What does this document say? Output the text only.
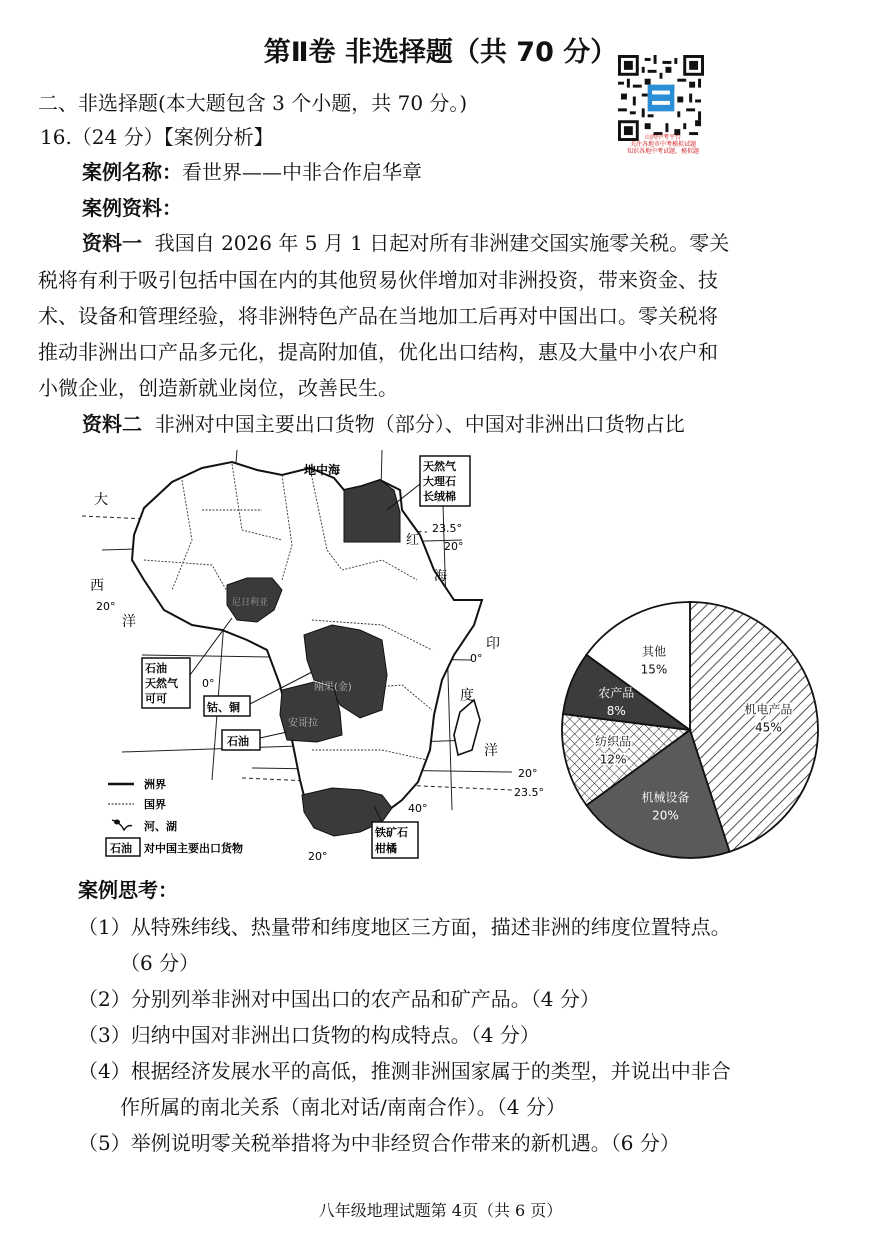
第Ⅱ卷 非选择题（共 70 分）
山西中考平台
关注各地市中考模拟试题
知识各地中考试题、模拟题
二、非选择题(本大题包含 3 个小题，共 70 分。)
16.（24 分）【案例分析】
案例名称：看世界——中非合作启华章
案例资料：
资料一 我国自 2026 年 5 月 1 日起对所有非洲建交国实施零关税。零关
税将有利于吸引包括中国在内的其他贸易伙伴增加对非洲投资，带来资金、技
术、设备和管理经验，将非洲特色产品在当地加工后再对中国出口。零关税将
推动非洲出口产品多元化，提高附加值，优化出口结构，惠及大量中小农户和
小微企业，创造新就业岗位，改善民生。
资料二 非洲对中国主要出口货物（部分）、中国对非洲出口货物占比
地中海
大
西
洋
红
海
印
度
洋
尼日利亚
刚果(金)
安哥拉
23.5°
20°
20°
0°
0°
20°
23.5°
40°
20°
0°
天然气
大理石
长绒棉
石油
天然气
可可
钴、铜
石油
铁矿石
柑橘
洲界
国界
河、湖
石油 对中国主要出口货物
机电产品
45%
机械设备
20%
纺织品
12%
农产品
8%
其他
15%
案例思考：
（1）从特殊纬线、热量带和纬度地区三方面，描述非洲的纬度位置特点。
（6 分）
（2）分别列举非洲对中国出口的农产品和矿产品。（4 分）
（3）归纳中国对非洲出口货物的构成特点。（4 分）
（4）根据经济发展水平的高低，推测非洲国家属于的类型，并说出中非合
作所属的南北关系（南北对话/南南合作）。（4 分）
（5）举例说明零关税举措将为中非经贸合作带来的新机遇。（6 分）
八年级地理试题第 4页（共 6 页）
